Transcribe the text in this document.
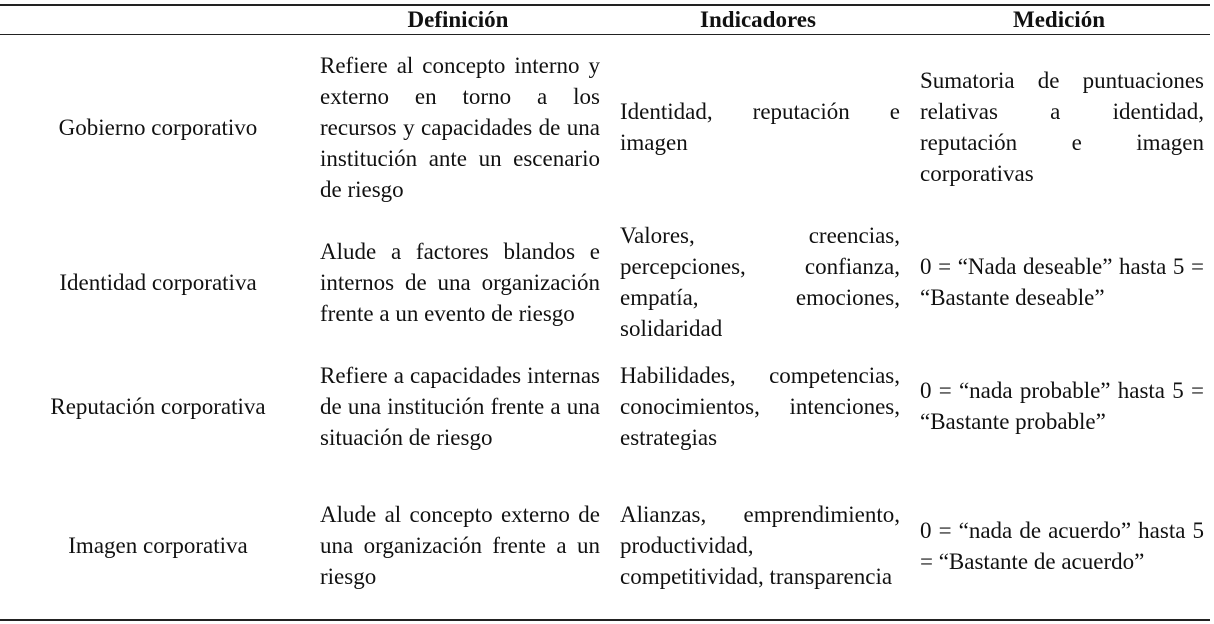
	Definición	Indicadores	Medición
Gobierno corporativo	Refiere al concepto interno y externo en torno a los recursos y capacidades de una institución ante un escenario de riesgo	Identidad, reputación e imagen	Sumatoria de puntuaciones relativas a identidad, reputación e imagen corporativas
Identidad corporativa	Alude a factores blandos e internos de una organización frente a un evento de riesgo	Valores, creencias, percepciones, confianza, empatía, emociones, solidaridad	0 = “Nada deseable” hasta 5 = “Bastante deseable”
Reputación corporativa	Refiere a capacidades internas de una institución frente a una situación de riesgo	Habilidades, competencias, conocimientos, intenciones, estrategias	0 = “nada probable” hasta 5 = “Bastante probable”
Imagen corporativa	Alude al concepto externo de una organización frente a un riesgo	Alianzas, emprendimiento, productividad, competitividad, transparencia	0 = “nada de acuerdo” hasta 5 = “Bastante de acuerdo”
